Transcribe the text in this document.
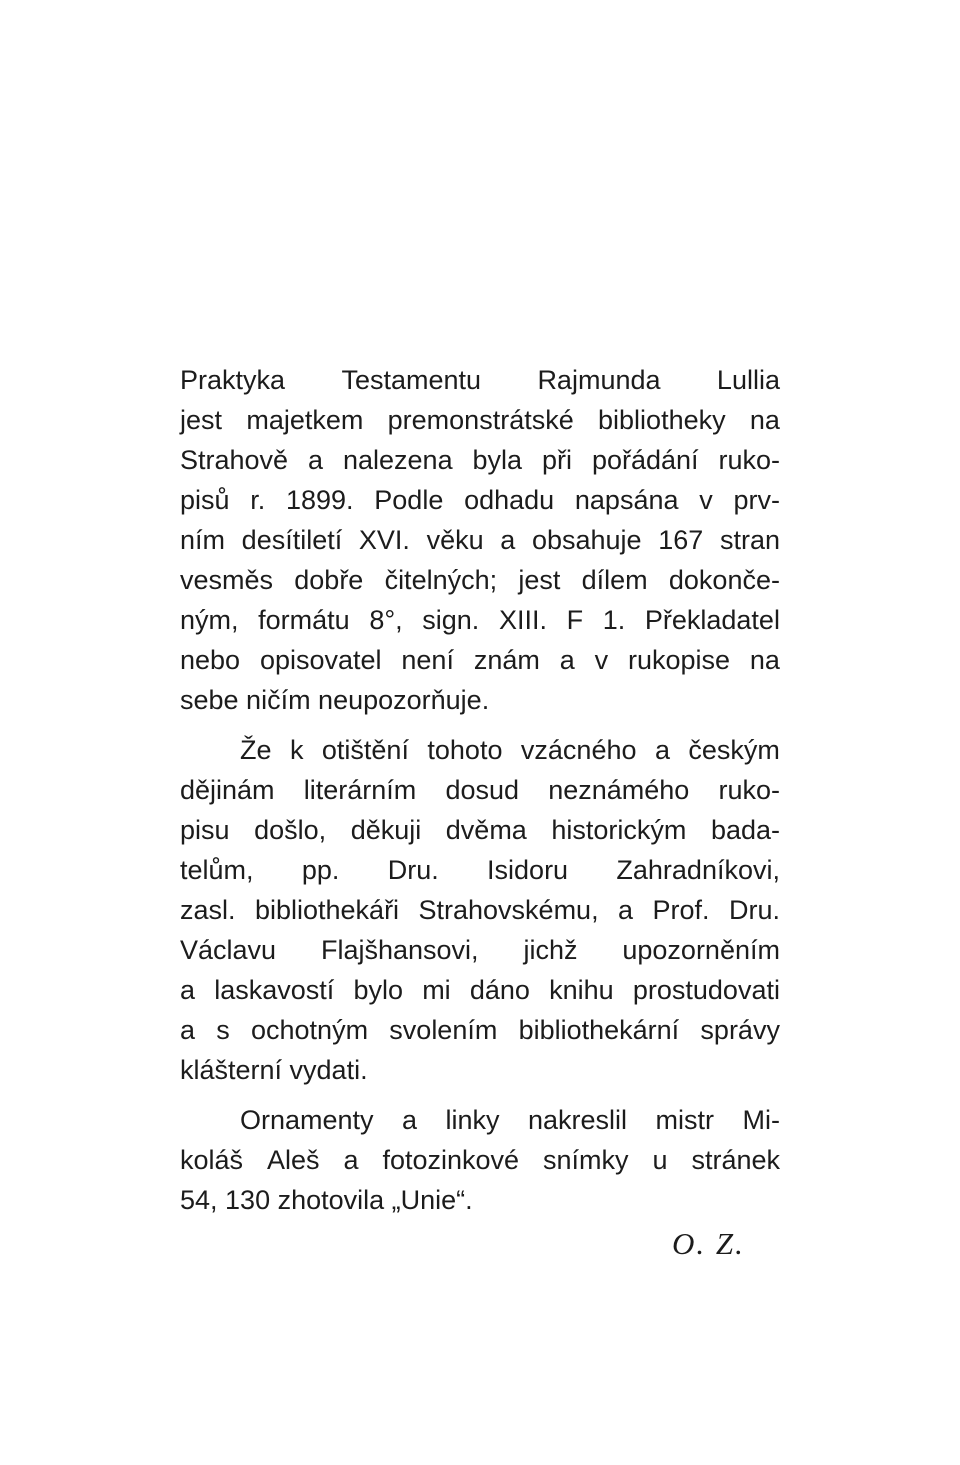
Praktyka Testamentu Rajmunda Lullia
jest majetkem premonstrátské bibliotheky na
Strahově a nalezena byla při pořádání ruko-
pisů r. 1899. Podle odhadu napsána v prv-
ním desítiletí XVI. věku a obsahuje 167 stran
vesměs dobře čitelných; jest dílem dokonče-
ným, formátu 8°, sign. XIII. F 1. Překladatel
nebo opisovatel není znám a v rukopise na
sebe ničím neupozorňuje.
Že k otištění tohoto vzácného a českým
dějinám literárním dosud neznámého ruko-
pisu došlo, děkuji dvěma historickým bada-
telům, pp. Dru. Isidoru Zahradníkovi,
zasl. bibliothekáři Strahovskému, a Prof. Dru.
Václavu Flajšhansovi, jichž upozorněním
a laskavostí bylo mi dáno knihu prostudovati
a s ochotným svolením bibliothekární správy
klášterní vydati.
Ornamenty a linky nakreslil mistr Mi-
koláš Aleš a fotozinkové snímky u stránek
54, 130 zhotovila „Unie“.
O. Z.
